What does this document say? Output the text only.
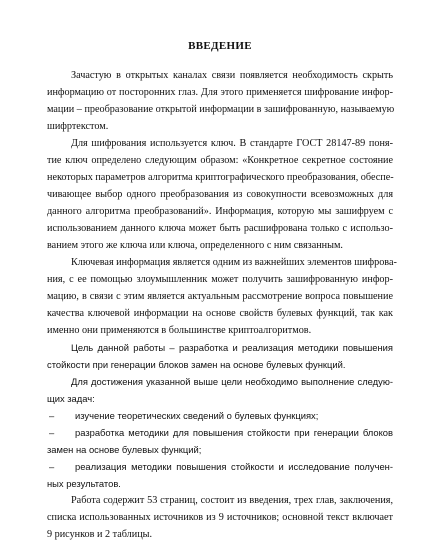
ВВЕДЕНИЕ
Зачастую в открытых каналах связи появляется необходимость скрыть
информацию от посторонних глаз. Для этого применяется шифрование инфор-
мации – преобразование открытой информации в зашифрованную, называемую
шифртекстом.
Для шифрования используется ключ. В стандарте ГОСТ 28147-89 поня-
тие ключ определено следующим образом: «Конкретное секретное состояние
некоторых параметров алгоритма криптографического преобразования, обеспе-
чивающее выбор одного преобразования из совокупности всевозможных для
данного алгоритма преобразований». Информация, которую мы зашифруем с
использованием данного ключа может быть расшифрована только с использо-
ванием этого же ключа или ключа, определенного с ним связанным.
Ключевая информация является одним из важнейших элементов шифрова-
ния, с ее помощью злоумышленник может получить зашифрованную инфор-
мацию, в связи с этим является актуальным рассмотрение вопроса повышение
качества ключевой информации на основе свойств булевых функций, так как
именно они применяются в большинстве криптоалгоритмов.
Цель данной работы – разработка и реализация методики повышения
стойкости при генерации блоков замен на основе булевых функций.
Для достижения указанной выше цели необходимо выполнение следую-
щих задач:
– изучение теоретических сведений о булевых функциях;
– разработка методики для повышения стойкости при генерации блоков
замен на основе булевых функций;
– реализация методики повышения стойкости и исследование получен-
ных результатов.
Работа содержит 53 страниц, состоит из введения, трех глав, заключения,
списка использованных источников из 9 источников; основной текст включает
9 рисунков и 2 таблицы.
